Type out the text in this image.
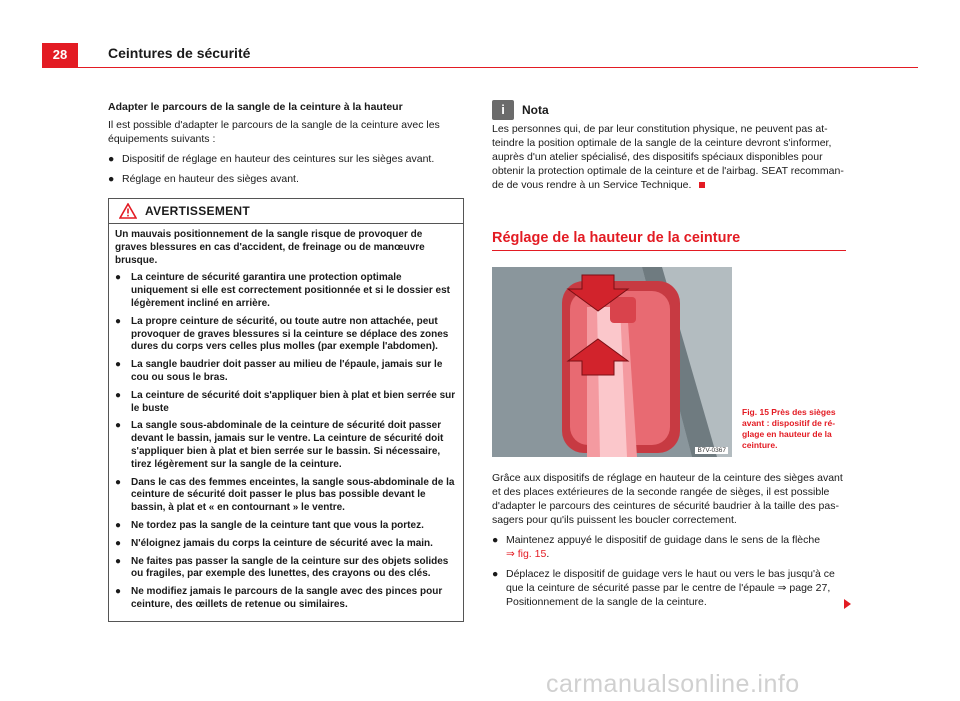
28	Ceintures de sécurité
Adapter le parcours de la sangle de la ceinture à la hauteur
Il est possible d'adapter le parcours de la sangle de la ceinture avec les équipements suivants :
● Dispositif de réglage en hauteur des ceintures sur les sièges avant.
● Réglage en hauteur des sièges avant.
AVERTISSEMENT
Un mauvais positionnement de la sangle risque de provoquer de graves blessures en cas d'accident, de freinage ou de manœuvre brusque.
● La ceinture de sécurité garantira une protection optimale uniquement si elle est correctement positionnée et si le dossier est légèrement incliné en arrière.
● La propre ceinture de sécurité, ou toute autre non attachée, peut provoquer de graves blessures si la ceinture se déplace des zones dures du corps vers celles plus molles (par exemple l'abdomen).
● La sangle baudrier doit passer au milieu de l'épaule, jamais sur le cou ou sous le bras.
● La ceinture de sécurité doit s'appliquer bien à plat et bien serrée sur le buste
● La sangle sous-abdominale de la ceinture de sécurité doit passer devant le bassin, jamais sur le ventre. La ceinture de sécurité doit s'appliquer bien à plat et bien serrée sur le bassin. Si nécessaire, tirez légèrement sur la sangle de la ceinture.
● Dans le cas des femmes enceintes, la sangle sous-abdominale de la ceinture de sécurité doit passer le plus bas possible devant le bassin, à plat et « en contournant » le ventre.
● Ne tordez pas la sangle de la ceinture tant que vous la portez.
● N'éloignez jamais du corps la ceinture de sécurité avec la main.
● Ne faites pas passer la sangle de la ceinture sur des objets solides ou fragiles, par exemple des lunettes, des crayons ou des clés.
● Ne modifiez jamais le parcours de la sangle avec des pinces pour ceinture, des œillets de retenue ou similaires.
i	Nota
Les personnes qui, de par leur constitution physique, ne peuvent pas atteindre la position optimale de la sangle de la ceinture devront s'informer, auprès d'un atelier spécialisé, des dispositifs spéciaux disponibles pour obtenir la protection optimale de la ceinture et de l'airbag. SEAT recommande de vous rendre à un Service Technique.
Réglage de la hauteur de la ceinture
B7V-0367
Fig. 15 Près des sièges avant : dispositif de réglage en hauteur de la ceinture.
Grâce aux dispositifs de réglage en hauteur de la ceinture des sièges avant et des places extérieures de la seconde rangée de sièges, il est possible d'adapter le parcours des ceintures de sécurité baudrier à la taille des passagers pour qu'ils puissent les boucler correctement.
● Maintenez appuyé le dispositif de guidage dans le sens de la flèche
⇒ fig. 15.
● Déplacez le dispositif de guidage vers le haut ou vers le bas jusqu'à ce que la ceinture de sécurité passe par le centre de l'épaule ⇒ page 27, Positionnement de la sangle de la ceinture.
carmanualsonline.info
